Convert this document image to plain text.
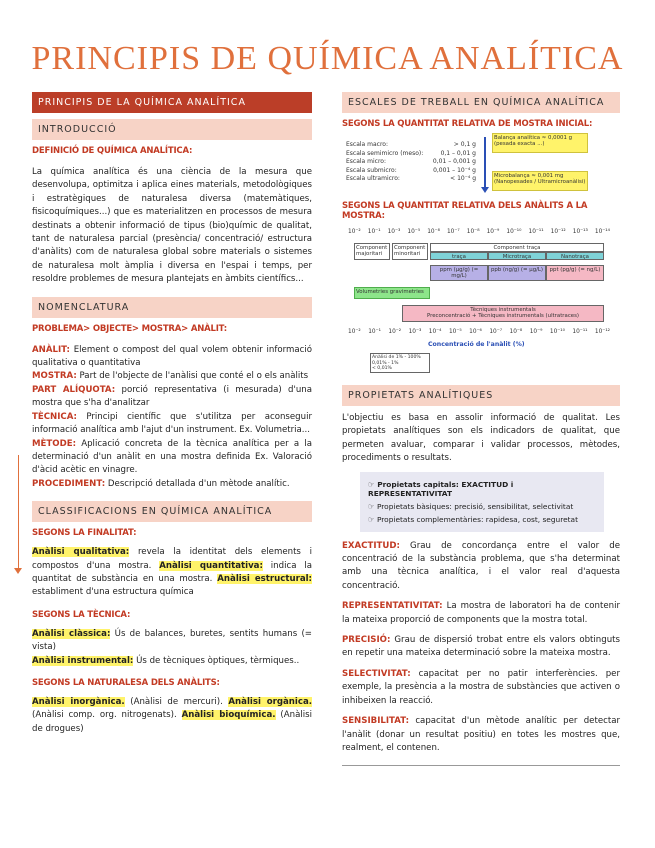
PRINCIPIS DE QUÍMICA ANALÍTICA
PRINCIPIS DE LA QUÍMICA ANALÍTICA
INTRODUCCIÓ
DEFINICIÓ DE QUÍMICA ANALÍTICA:

La química analítica és una ciència de la mesura que desenvolupa, optimitza i aplica eines materials, metodològiques i estratègiques de naturalesa diversa (matemàtiques, fisicoquímiques...) que es materialitzen en processos de mesura destinats a obtenir informació de tipus (bio)químic de qualitat, tant de naturalesa parcial (presència/ concentració/ estructura d'anàlits) com de naturalesa global sobre materials o sistemes de naturalesa molt àmplia i diversa en l'espai i temps, per resoldre problemes de mesura plantejats en àmbits científics...

NOMENCLATURA
PROBLEMA> OBJECTE> MOSTRA> ANÀLIT:

ANÀLIT: Element o compost del qual volem obtenir informació qualitativa o quantitativa

MOSTRA: Part de l'objecte de l'anàlisi que conté el o els anàlits

PART ALÍQUOTA: porció representativa (i mesurada) d'una mostra que s'ha d'analitzar

TÈCNICA: Principi científic que s'utilitza per aconseguir informació analítica amb l'ajut d'un instrument. Ex. Volumetria...

MÈTODE: Aplicació concreta de la tècnica analítica per a la determinació d'un anàlit en una mostra definida Ex. Valoració d'àcid acètic en vinagre.

PROCEDIMENT: Descripció detallada d'un mètode analític.

CLASSIFICACIONS EN QUÍMICA ANALÍTICA
SEGONS LA FINALITAT:

Anàlisi qualitativa: revela la identitat dels elements i compostos d'una mostra. Anàlisi quantitativa: indica la quantitat de substància en una mostra. Anàlisi estructural: establiment d'una estructura química

SEGONS LA TÈCNICA:

Anàlisi clàssica: Ús de balances, buretes, sentits humans (= vista)
Anàlisi instrumental: Ús de tècniques òptiques, tèrmiques..

SEGONS LA NATURALESA DELS ANÀLITS:

Anàlisi inorgànica. (Anàlisi de mercuri). Anàlisi orgànica. (Anàlisi comp. org. nitrogenats). Anàlisi bioquímica. (Anàlisi de drogues)

ESCALES DE TREBALL EN QUÍMICA ANALÍTICA
SEGONS LA QUANTITAT RELATIVA DE MOSTRA INICIAL:
Escala macro:	> 0,1 g
Escala semimicro (meso):	0,1 – 0,01 g
Escala micro:	0,01 – 0,001 g
Escala submicro:	0,001 – 10⁻⁴ g
Escala ultramicro:	< 10⁻⁴ g
Balança analítica ≈ 0,0001 g (pesada exacta ...)
Microbalança ≈ 0,001 mg (Nanopesades / Ultramicroanàlisi)
SEGONS LA QUANTITAT RELATIVA DELS ANÀLITS A LA MOSTRA:
10⁻² 10⁻¹ 10⁻³ 10⁻⁵ 10⁻⁸ 10⁻⁷ 10⁻⁸ 10⁻⁹ 10⁻¹⁰ 10⁻¹¹ 10⁻¹² 10⁻¹³ 10⁻¹⁴
Component majoritari
Component minoritari
Component traça
traça	Microtraça	Nanotraça
ppm (μg/g) (= mg/L)
ppb (ng/g) (= μg/L)	ppt (pg/g) (= ng/L)
Volumetries gravimetries
Tècniques instrumentals
Preconcentració + Tècniques instrumentals (ultratraces)
10⁻² 10⁻¹ 10⁻² 10⁻³ 10⁻⁴ 10⁻⁵ 10⁻⁶ 10⁻⁷ 10⁻⁸ 10⁻⁹ 10⁻¹⁰ 10⁻¹¹ 10⁻¹²
Concentració de l'anàlit (%)
Anàlisi de 1% - 100%
0,01% - 1%
< 0,01%
PROPIETATS ANALÍTIQUES

L'objectiu es basa en assolir informació de qualitat. Les propietats analítiques son els indicadors de qualitat, que permeten avaluar, comparar i validar processos, mètodes, procediments o resultats.

☞ Propietats capitals: EXACTITUD i REPRESENTATIVITAT
☞ Propietats bàsiques: precisió, sensibilitat, selectivitat
☞ Propietats complementàries: rapidesa, cost, seguretat

EXACTITUD: Grau de concordança entre el valor de concentració de la substància problema, que s'ha determinat amb una tècnica analítica, i el valor real d'aquesta concentració.

REPRESENTATIVITAT: La mostra de laboratori ha de contenir la mateixa proporció de components que la mostra total.

PRECISIÓ: Grau de dispersió trobat entre els valors obtinguts en repetir una mateixa determinació sobre la mateixa mostra.

SELECTIVITAT: capacitat per no patir interferències. per exemple, la presència a la mostra de substàncies que activen o inhibeixen la reacció.

SENSIBILITAT: capacitat d'un mètode analític per detectar l'anàlit (donar un resultat positiu) en totes les mostres que, realment, el contenen.
